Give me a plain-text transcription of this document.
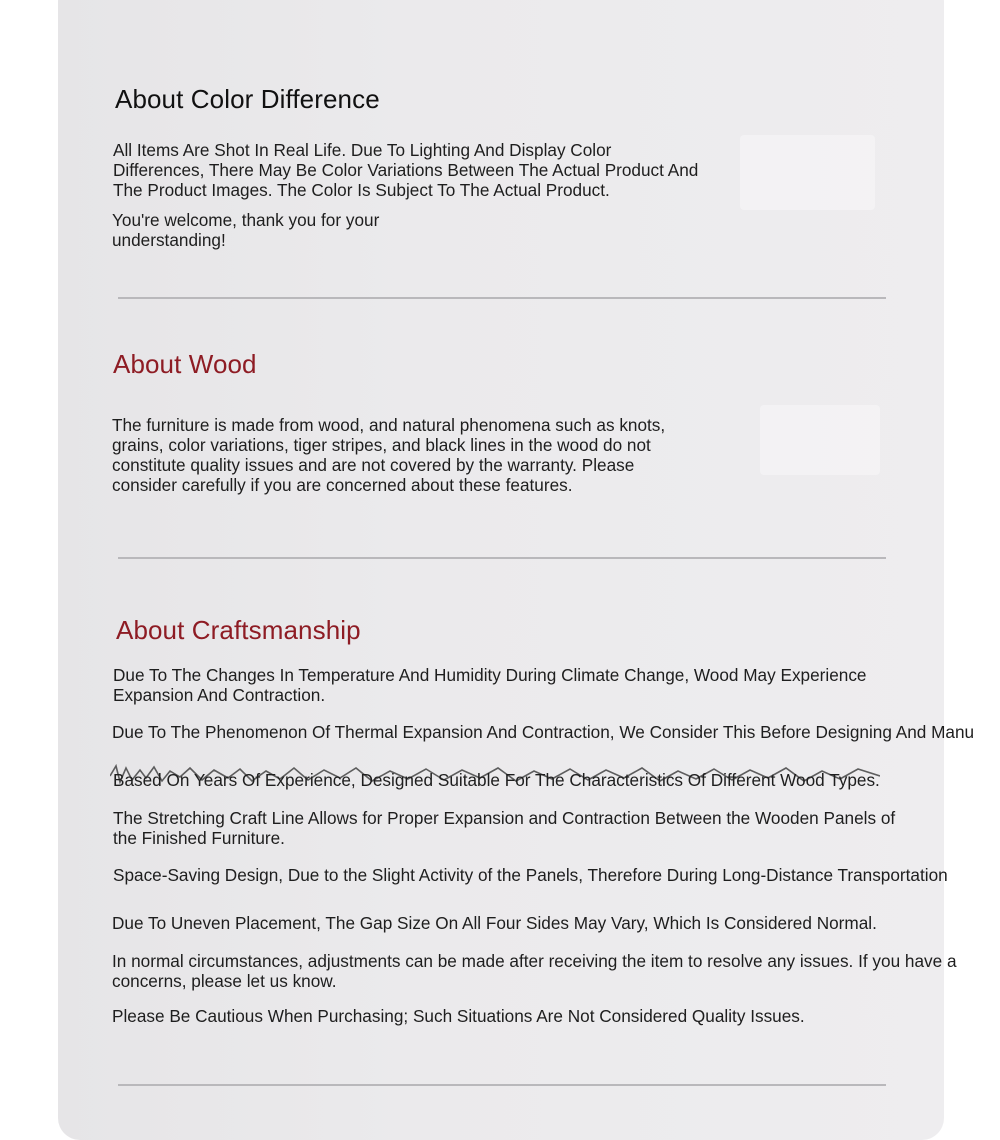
About Color Difference
All Items Are Shot In Real Life. Due To Lighting And Display Color
Differences, There May Be Color Variations Between The Actual Product And
The Product Images. The Color Is Subject To The Actual Product.
You're welcome, thank you for your
understanding!
About Wood
The furniture is made from wood, and natural phenomena such as knots,
grains, color variations, tiger stripes, and black lines in the wood do not
constitute quality issues and are not covered by the warranty. Please
consider carefully if you are concerned about these features.
About Craftsmanship
Due To The Changes In Temperature And Humidity During Climate Change, Wood May Experience
Expansion And Contraction.
Due To The Phenomenon Of Thermal Expansion And Contraction, We Consider This Before Designing And Manu
Based On Years Of Experience, Designed Suitable For The Characteristics Of Different Wood Types.
The Stretching Craft Line Allows for Proper Expansion and Contraction Between the Wooden Panels of
the Finished Furniture.
Space-Saving Design, Due to the Slight Activity of the Panels, Therefore During Long-Distance Transportation
Due To Uneven Placement, The Gap Size On All Four Sides May Vary, Which Is Considered Normal.
In normal circumstances, adjustments can be made after receiving the item to resolve any issues. If you have a
concerns, please let us know.
Please Be Cautious When Purchasing; Such Situations Are Not Considered Quality Issues.
